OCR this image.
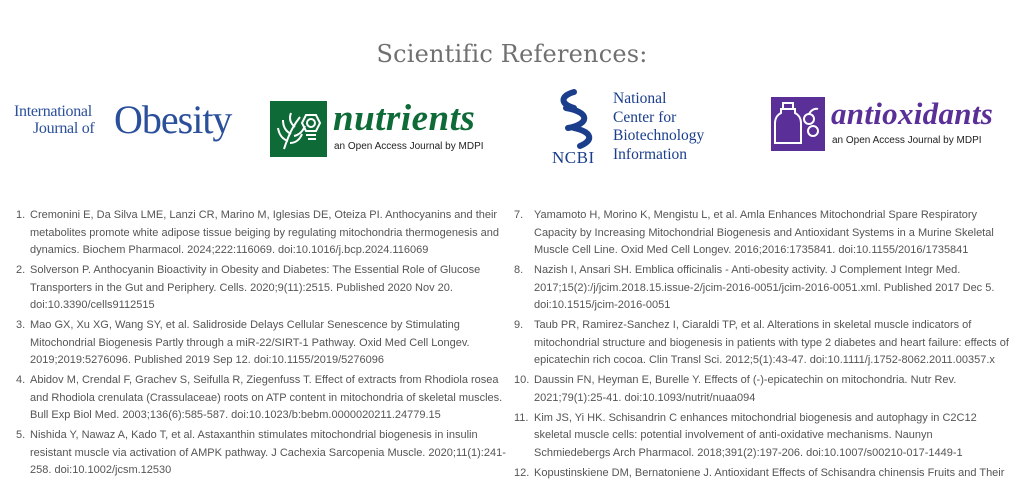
Scientific References:
International
Journal of Obesity	nutrients
an Open Access Journal by MDPI
NCBI
National
Center for
Biotechnology
Information
antioxidants
an Open Access Journal by MDPI
1. Cremonini E, Da Silva LME, Lanzi CR, Marino M, Iglesias DE, Oteiza PI. Anthocyanins and their metabolites promote white adipose tissue beiging by regulating mitochondria thermogenesis and dynamics. Biochem Pharmacol. 2024;222:116069. doi:10.1016/j.bcp.2024.116069
2. Solverson P. Anthocyanin Bioactivity in Obesity and Diabetes: The Essential Role of Glucose Transporters in the Gut and Periphery. Cells. 2020;9(11):2515. Published 2020 Nov 20. doi:10.3390/cells9112515
3. Mao GX, Xu XG, Wang SY, et al. Salidroside Delays Cellular Senescence by Stimulating Mitochondrial Biogenesis Partly through a miR-22/SIRT-1 Pathway. Oxid Med Cell Longev. 2019;2019:5276096. Published 2019 Sep 12. doi:10.1155/2019/5276096
4. Abidov M, Crendal F, Grachev S, Seifulla R, Ziegenfuss T. Effect of extracts from Rhodiola rosea and Rhodiola crenulata (Crassulaceae) roots on ATP content in mitochondria of skeletal muscles. Bull Exp Biol Med. 2003;136(6):585-587. doi:10.1023/b:bebm.0000020211.24779.15
5. Nishida Y, Nawaz A, Kado T, et al. Astaxanthin stimulates mitochondrial biogenesis in insulin resistant muscle via activation of AMPK pathway. J Cachexia Sarcopenia Muscle. 2020;11(1):241-258. doi:10.1002/jcsm.12530
7. Yamamoto H, Morino K, Mengistu L, et al. Amla Enhances Mitochondrial Spare Respiratory Capacity by Increasing Mitochondrial Biogenesis and Antioxidant Systems in a Murine Skeletal Muscle Cell Line. Oxid Med Cell Longev. 2016;2016:1735841. doi:10.1155/2016/1735841
8. Nazish I, Ansari SH. Emblica officinalis - Anti-obesity activity. J Complement Integr Med. 2017;15(2):/j/jcim.2018.15.issue-2/jcim-2016-0051/jcim-2016-0051.xml. Published 2017 Dec 5. doi:10.1515/jcim-2016-0051
9. Taub PR, Ramirez-Sanchez I, Ciaraldi TP, et al. Alterations in skeletal muscle indicators of mitochondrial structure and biogenesis in patients with type 2 diabetes and heart failure: effects of epicatechin rich cocoa. Clin Transl Sci. 2012;5(1):43-47. doi:10.1111/j.1752-8062.2011.00357.x
10. Daussin FN, Heyman E, Burelle Y. Effects of (-)-epicatechin on mitochondria. Nutr Rev. 2021;79(1):25-41. doi:10.1093/nutrit/nuaa094
11. Kim JS, Yi HK. Schisandrin C enhances mitochondrial biogenesis and autophagy in C2C12 skeletal muscle cells: potential involvement of anti-oxidative mechanisms. Naunyn Schmiedebergs Arch Pharmacol. 2018;391(2):197-206. doi:10.1007/s00210-017-1449-1
12. Kopustinskiene DM, Bernatoniene J. Antioxidant Effects of Schisandra chinensis Fruits and Their
